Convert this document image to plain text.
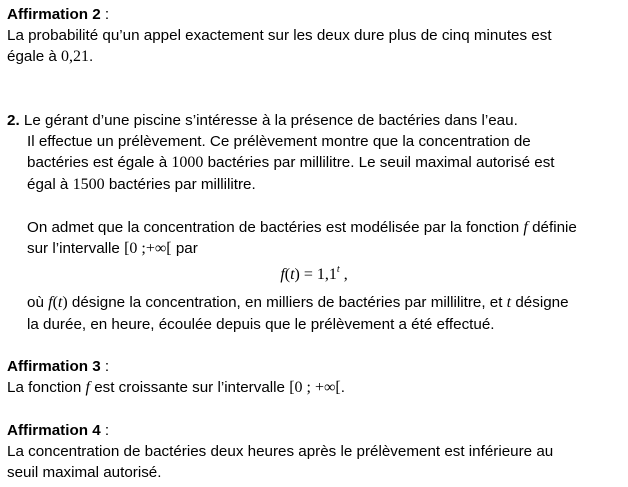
Affirmation 2 :
La probabilité qu’un appel exactement sur les deux dure plus de cinq minutes est
égale à 0,21.
2. Le gérant d’une piscine s’intéresse à la présence de bactéries dans l’eau.
Il effectue un prélèvement. Ce prélèvement montre que la concentration de
bactéries est égale à 1000 bactéries par millilitre. Le seuil maximal autorisé est
égal à 1500 bactéries par millilitre.
On admet que la concentration de bactéries est modélisée par la fonction f définie
sur l’intervalle [0 ;+∞[ par
$f(t) = 1,1^t$ ,
où f(t) désigne la concentration, en milliers de bactéries par millilitre, et t désigne
la durée, en heure, écoulée depuis que le prélèvement a été effectué.
Affirmation 3 :
La fonction f est croissante sur l’intervalle [0 ; +∞[.
Affirmation 4 :
La concentration de bactéries deux heures après le prélèvement est inférieure au
seuil maximal autorisé.
